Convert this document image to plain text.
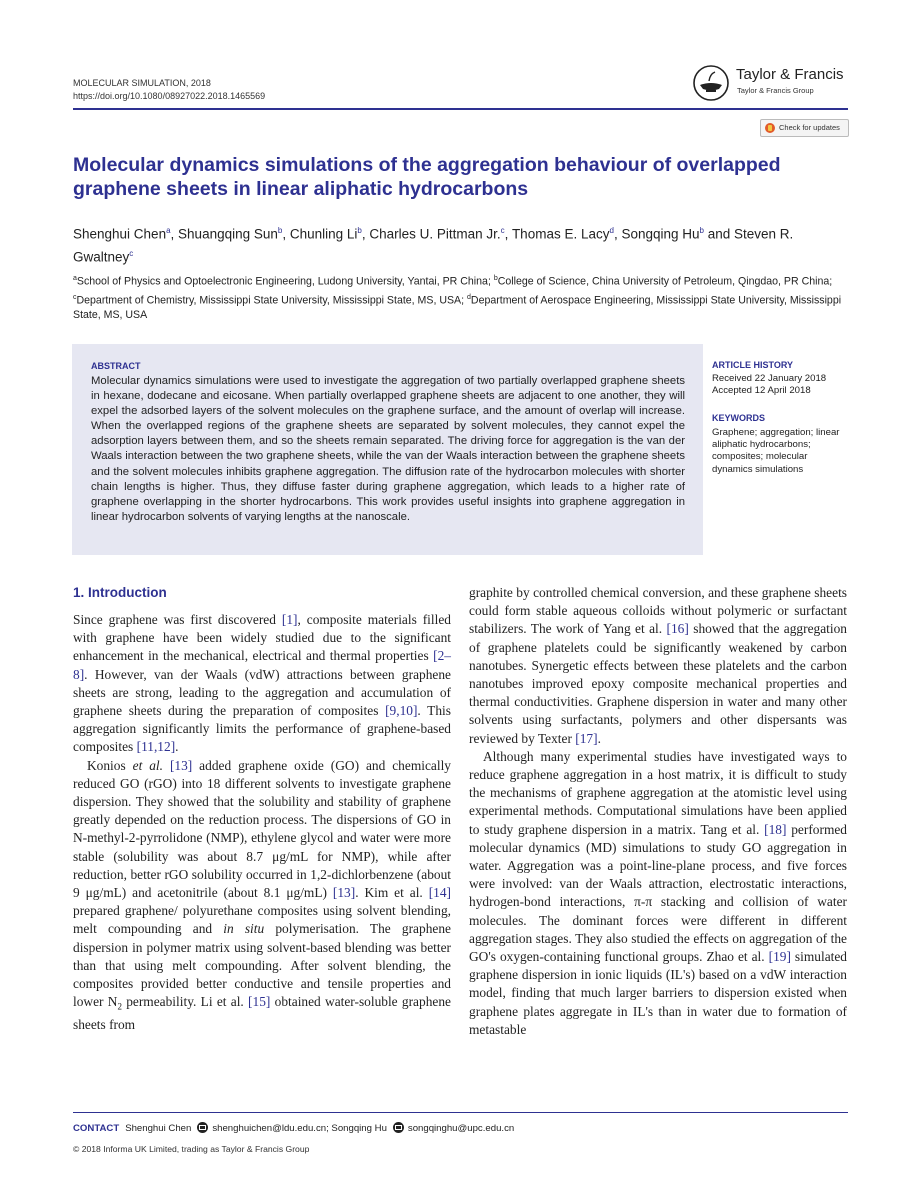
MOLECULAR SIMULATION, 2018
https://doi.org/10.1080/08927022.2018.1465569
Taylor & Francis
Taylor & Francis Group
Check for updates
Molecular dynamics simulations of the aggregation behaviour of overlapped graphene sheets in linear aliphatic hydrocarbons
Shenghui Chen$^a$, Shuangqing Sun$^b$, Chunling Li$^b$, Charles U. Pittman Jr.$^c$, Thomas E. Lacy$^d$, Songqing Hu$^b$ and Steven R. Gwaltney$^c$
$^a$School of Physics and Optoelectronic Engineering, Ludong University, Yantai, PR China; $^b$College of Science, China University of Petroleum, Qingdao, PR China; $^c$Department of Chemistry, Mississippi State University, Mississippi State, MS, USA; $^d$Department of Aerospace Engineering, Mississippi State University, Mississippi State, MS, USA
ABSTRACT
Molecular dynamics simulations were used to investigate the aggregation of two partially overlapped graphene sheets in hexane, dodecane and eicosane. When partially overlapped graphene sheets are adjacent to one another, they will expel the adsorbed layers of the solvent molecules on the graphene surface, and the amount of overlap will increase. When the overlapped regions of the graphene sheets are separated by solvent molecules, they cannot expel the adsorption layers between them, and so the sheets remain separated. The driving force for aggregation is the van der Waals interaction between the two graphene sheets, while the van der Waals interaction between the graphene sheets and the solvent molecules inhibits graphene aggregation. The diffusion rate of the hydrocarbon molecules with shorter chain lengths is higher. Thus, they diffuse faster during graphene aggregation, which leads to a higher rate of graphene overlapping in the shorter hydrocarbons. This work provides useful insights into graphene aggregation in linear hydrocarbon solvents of varying lengths at the nanoscale.
ARTICLE HISTORY
Received 22 January 2018
Accepted 12 April 2018
KEYWORDS
Graphene; aggregation; linear aliphatic hydrocarbons; composites; molecular dynamics simulations
1. Introduction

Since graphene was first discovered [1], composite materials filled with graphene have been widely studied due to the significant enhancement in the mechanical, electrical and thermal properties [2–8]. However, van der Waals (vdW) attractions between graphene sheets are strong, leading to the aggregation and accumulation of graphene sheets during the preparation of composites [9,10]. This aggregation significantly limits the performance of graphene-based composites [11,12].

Konios et al. [13] added graphene oxide (GO) and chemically reduced GO (rGO) into 18 different solvents to investigate graphene dispersion. They showed that the solubility and stability of graphene greatly depended on the reduction process. The dispersions of GO in N-methyl-2-pyrrolidone (NMP), ethylene glycol and water were more stable (solubility was about 8.7 μg/mL for NMP), while after reduction, better rGO solubility occurred in 1,2-dichlorbenzene (about 9 μg/mL) and acetonitrile (about 8.1 μg/mL) [13]. Kim et al. [14] prepared graphene/ polyurethane composites using solvent blending, melt compounding and in situ polymerisation. The graphene dispersion in polymer matrix using solvent-based blending was better than that using melt compounding. After solvent blending, the composites provided better conductive and tensile properties and lower $N_2$ permeability. Li et al. [15] obtained water-soluble graphene sheets from

graphite by controlled chemical conversion, and these graphene sheets could form stable aqueous colloids without polymeric or surfactant stabilizers. The work of Yang et al. [16] showed that the aggregation of graphene platelets could be significantly weakened by carbon nanotubes. Synergetic effects between these platelets and the carbon nanotubes improved epoxy composite mechanical properties and thermal conductivities. Graphene dispersion in water and many other solvents using surfactants, polymers and other dispersants was reviewed by Texter [17].

Although many experimental studies have investigated ways to reduce graphene aggregation in a host matrix, it is difficult to study the mechanisms of graphene aggregation at the atomistic level using experimental methods. Computational simulations have been applied to study graphene dispersion in a matrix. Tang et al. [18] performed molecular dynamics (MD) simulations to study GO aggregation in water. Aggregation was a point-line-plane process, and five forces were involved: van der Waals attraction, electrostatic interactions, hydrogen-bond interactions, π-π stacking and collision of water molecules. The dominant forces were different in different aggregation stages. They also studied the effects on aggregation of the GO's oxygen-containing functional groups. Zhao et al. [19] simulated graphene dispersion in ionic liquids (IL's) based on a vdW interaction model, finding that much larger barriers to dispersion existed when graphene plates aggregate in IL's than in water due to formation of metastable

CONTACT Shenghui Chen shenghuichen@ldu.edu.cn; Songqing Hu songqinghu@upc.edu.cn
© 2018 Informa UK Limited, trading as Taylor & Francis Group
